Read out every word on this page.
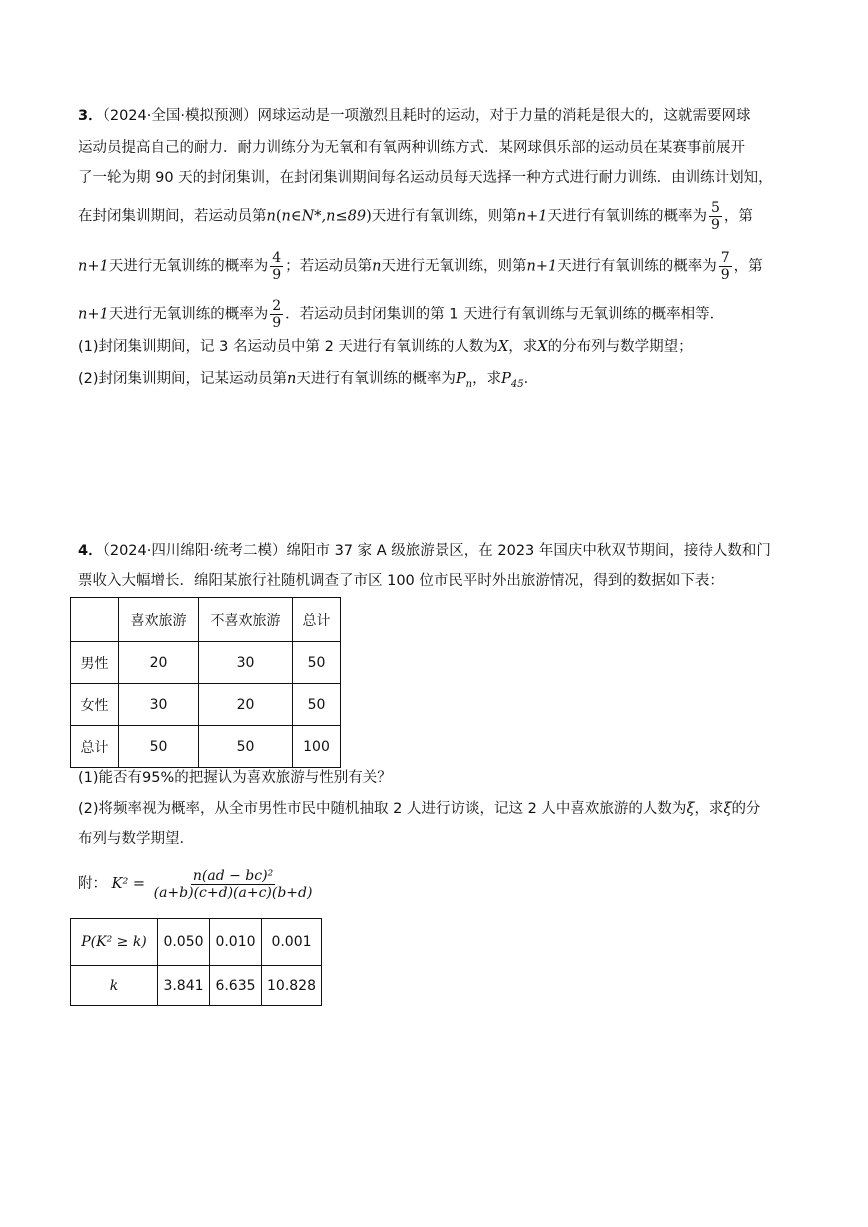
3．（2024·全国·模拟预测）网球运动是一项激烈且耗时的运动，对于力量的消耗是很大的，这就需要网球
运动员提高自己的耐力．耐力训练分为无氧和有氧两种训练方式．某网球俱乐部的运动员在某赛事前展开
了一轮为期 90 天的封闭集训，在封闭集训期间每名运动员每天选择一种方式进行耐力训练．由训练计划知，
在封闭集训期间，若运动员第n(n∈N*,n≤89)天进行有氧训练，则第n+1天进行有氧训练的概率为 $\frac{5}{9}$ ，第
n+1天进行无氧训练的概率为 $\frac{4}{9}$ ；若运动员第n天进行无氧训练，则第n+1天进行有氧训练的概率为 $\frac{7}{9}$ ，第
n+1天进行无氧训练的概率为 $\frac{2}{9}$ ．若运动员封闭集训的第 1 天进行有氧训练与无氧训练的概率相等．
(1)封闭集训期间，记 3 名运动员中第 2 天进行有氧训练的人数为X，求X的分布列与数学期望；
(2)封闭集训期间，记某运动员第n天进行有氧训练的概率为$P_n$，求$P_{45}$．
4．（2024·四川绵阳·统考二模）绵阳市 37 家 A 级旅游景区，在 2023 年国庆中秋双节期间，接待人数和门
票收入大幅增长．绵阳某旅行社随机调查了市区 100 位市民平时外出旅游情况，得到的数据如下表：
	喜欢旅游	不喜欢旅游	总计
男性	20	30	50
女性	30	20	50
总计	50	50	100
(1)能否有95%的把握认为喜欢旅游与性别有关？
(2)将频率视为概率，从全市男性市民中随机抽取 2 人进行访谈，记这 2 人中喜欢旅游的人数为ξ，求ξ的分
布列与数学期望．
附： $K^2 = \frac{\text{n(ad − bc)²}}{(a+b)(c+d)(a+c)(b+d)}$
P(K² ≥ k)	0.050	0.010	0.001
k	3.841	6.635	10.828
